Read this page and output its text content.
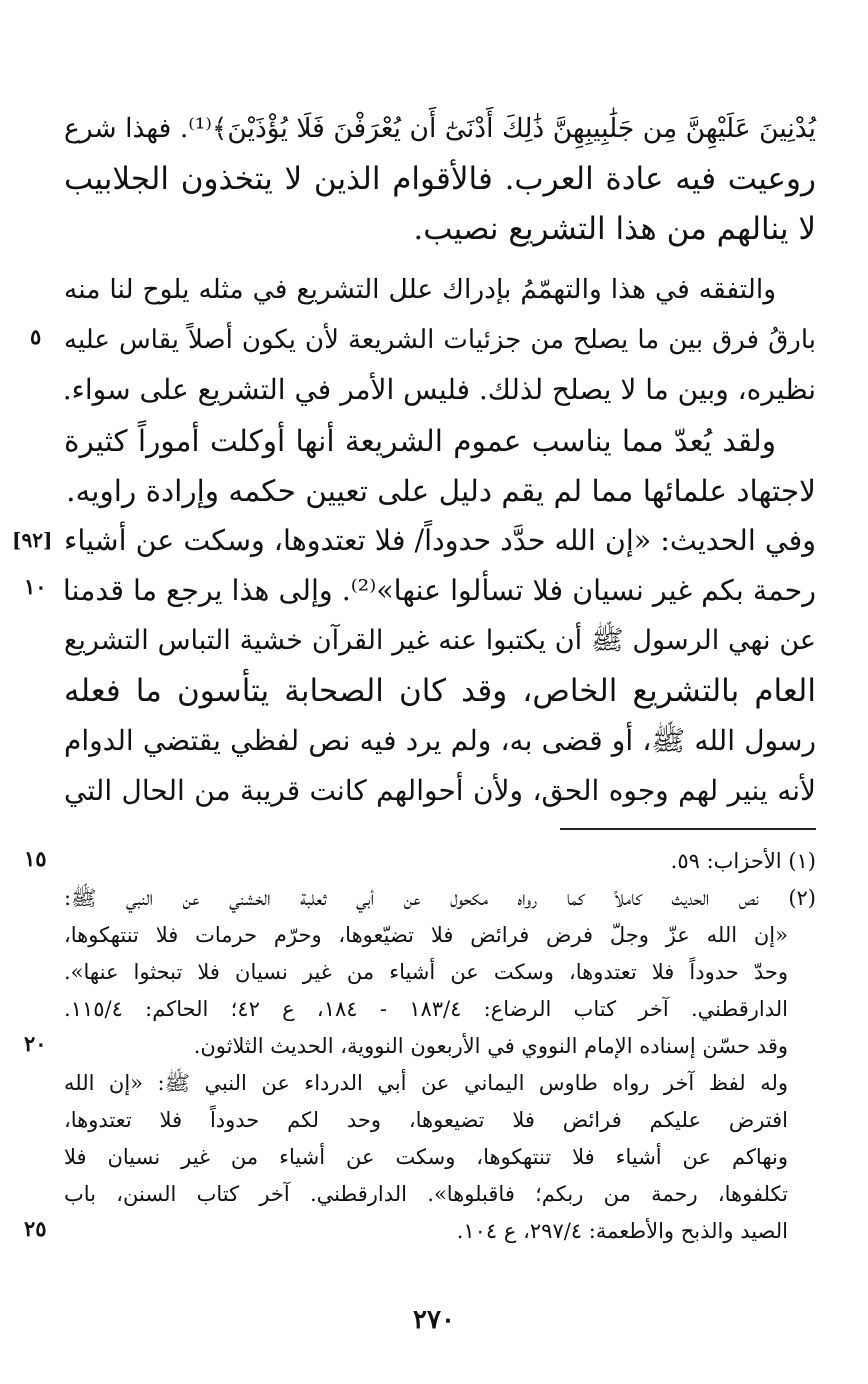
يُدْنِينَ عَلَيْهِنَّ مِن جَلَٰبِيبِهِنَّ ذَٰلِكَ أَدْنَىٰٓ أَن يُعْرَفْنَ فَلَا يُؤْذَيْنَ﴾⁽¹⁾. فهذا شرع
روعيت فيه عادة العرب. فالأقوام الذين لا يتخذون الجلابيب
لا ينالهم من هذا التشريع نصيب.
والتفقه في هذا والتهمّمُ بإدراك علل التشريع في مثله يلوح لنا منه
بارقُ فرق بين ما يصلح من جزئيات الشريعة لأن يكون أصلاً يقاس عليه
نظيره، وبين ما لا يصلح لذلك. فليس الأمر في التشريع على سواء.
ولقد يُعدّ مما يناسب عموم الشريعة أنها أوكلت أموراً كثيرة
لاجتهاد علمائها مما لم يقم دليل على تعيين حكمه وإرادة راويه.
وفي الحديث: «إن الله حدَّد حدوداً/ فلا تعتدوها، وسكت عن أشياء
رحمة بكم غير نسيان فلا تسألوا عنها»⁽²⁾. وإلى هذا يرجع ما قدمنا
عن نهي الرسول ﷺ أن يكتبوا عنه غير القرآن خشية التباس التشريع
العام بالتشريع الخاص، وقد كان الصحابة يتأسون ما فعله
رسول الله ﷺ، أو قضى به، ولم يرد فيه نص لفظي يقتضي الدوام
لأنه ينير لهم وجوه الحق، ولأن أحوالهم كانت قريبة من الحال التي
(١) الأحزاب: ٥٩.
(٢) نص الحديث كاملاً كما رواه مكحول عن أبي ثعلبة الخشني عن النبي ﷺ:
«إن الله عزّ وجلّ فرض فرائض فلا تضيّعوها، وحرّم حرمات فلا تنتهكوها،
وحدّ حدوداً فلا تعتدوها، وسكت عن أشياء من غير نسيان فلا تبحثوا عنها».
الدارقطني. آخر كتاب الرضاع: ١٨٣/٤ - ١٨٤، ع ٤٢؛ الحاكم: ١١٥/٤.
وقد حسّن إسناده الإمام النووي في الأربعون النووية، الحديث الثلاثون.
وله لفظ آخر رواه طاوس اليماني عن أبي الدرداء عن النبي ﷺ: «إن الله
افترض عليكم فرائض فلا تضيعوها، وحد لكم حدوداً فلا تعتدوها،
ونهاكم عن أشياء فلا تنتهكوها، وسكت عن أشياء من غير نسيان فلا
تكلفوها، رحمة من ربكم؛ فاقبلوها». الدارقطني. آخر كتاب السنن، باب
الصيد والذبح والأطعمة: ٢٩٧/٤، ع ١٠٤.
٥
١٠
١٥
٢٠
٢٥
[٩٢]
٢٧٠
